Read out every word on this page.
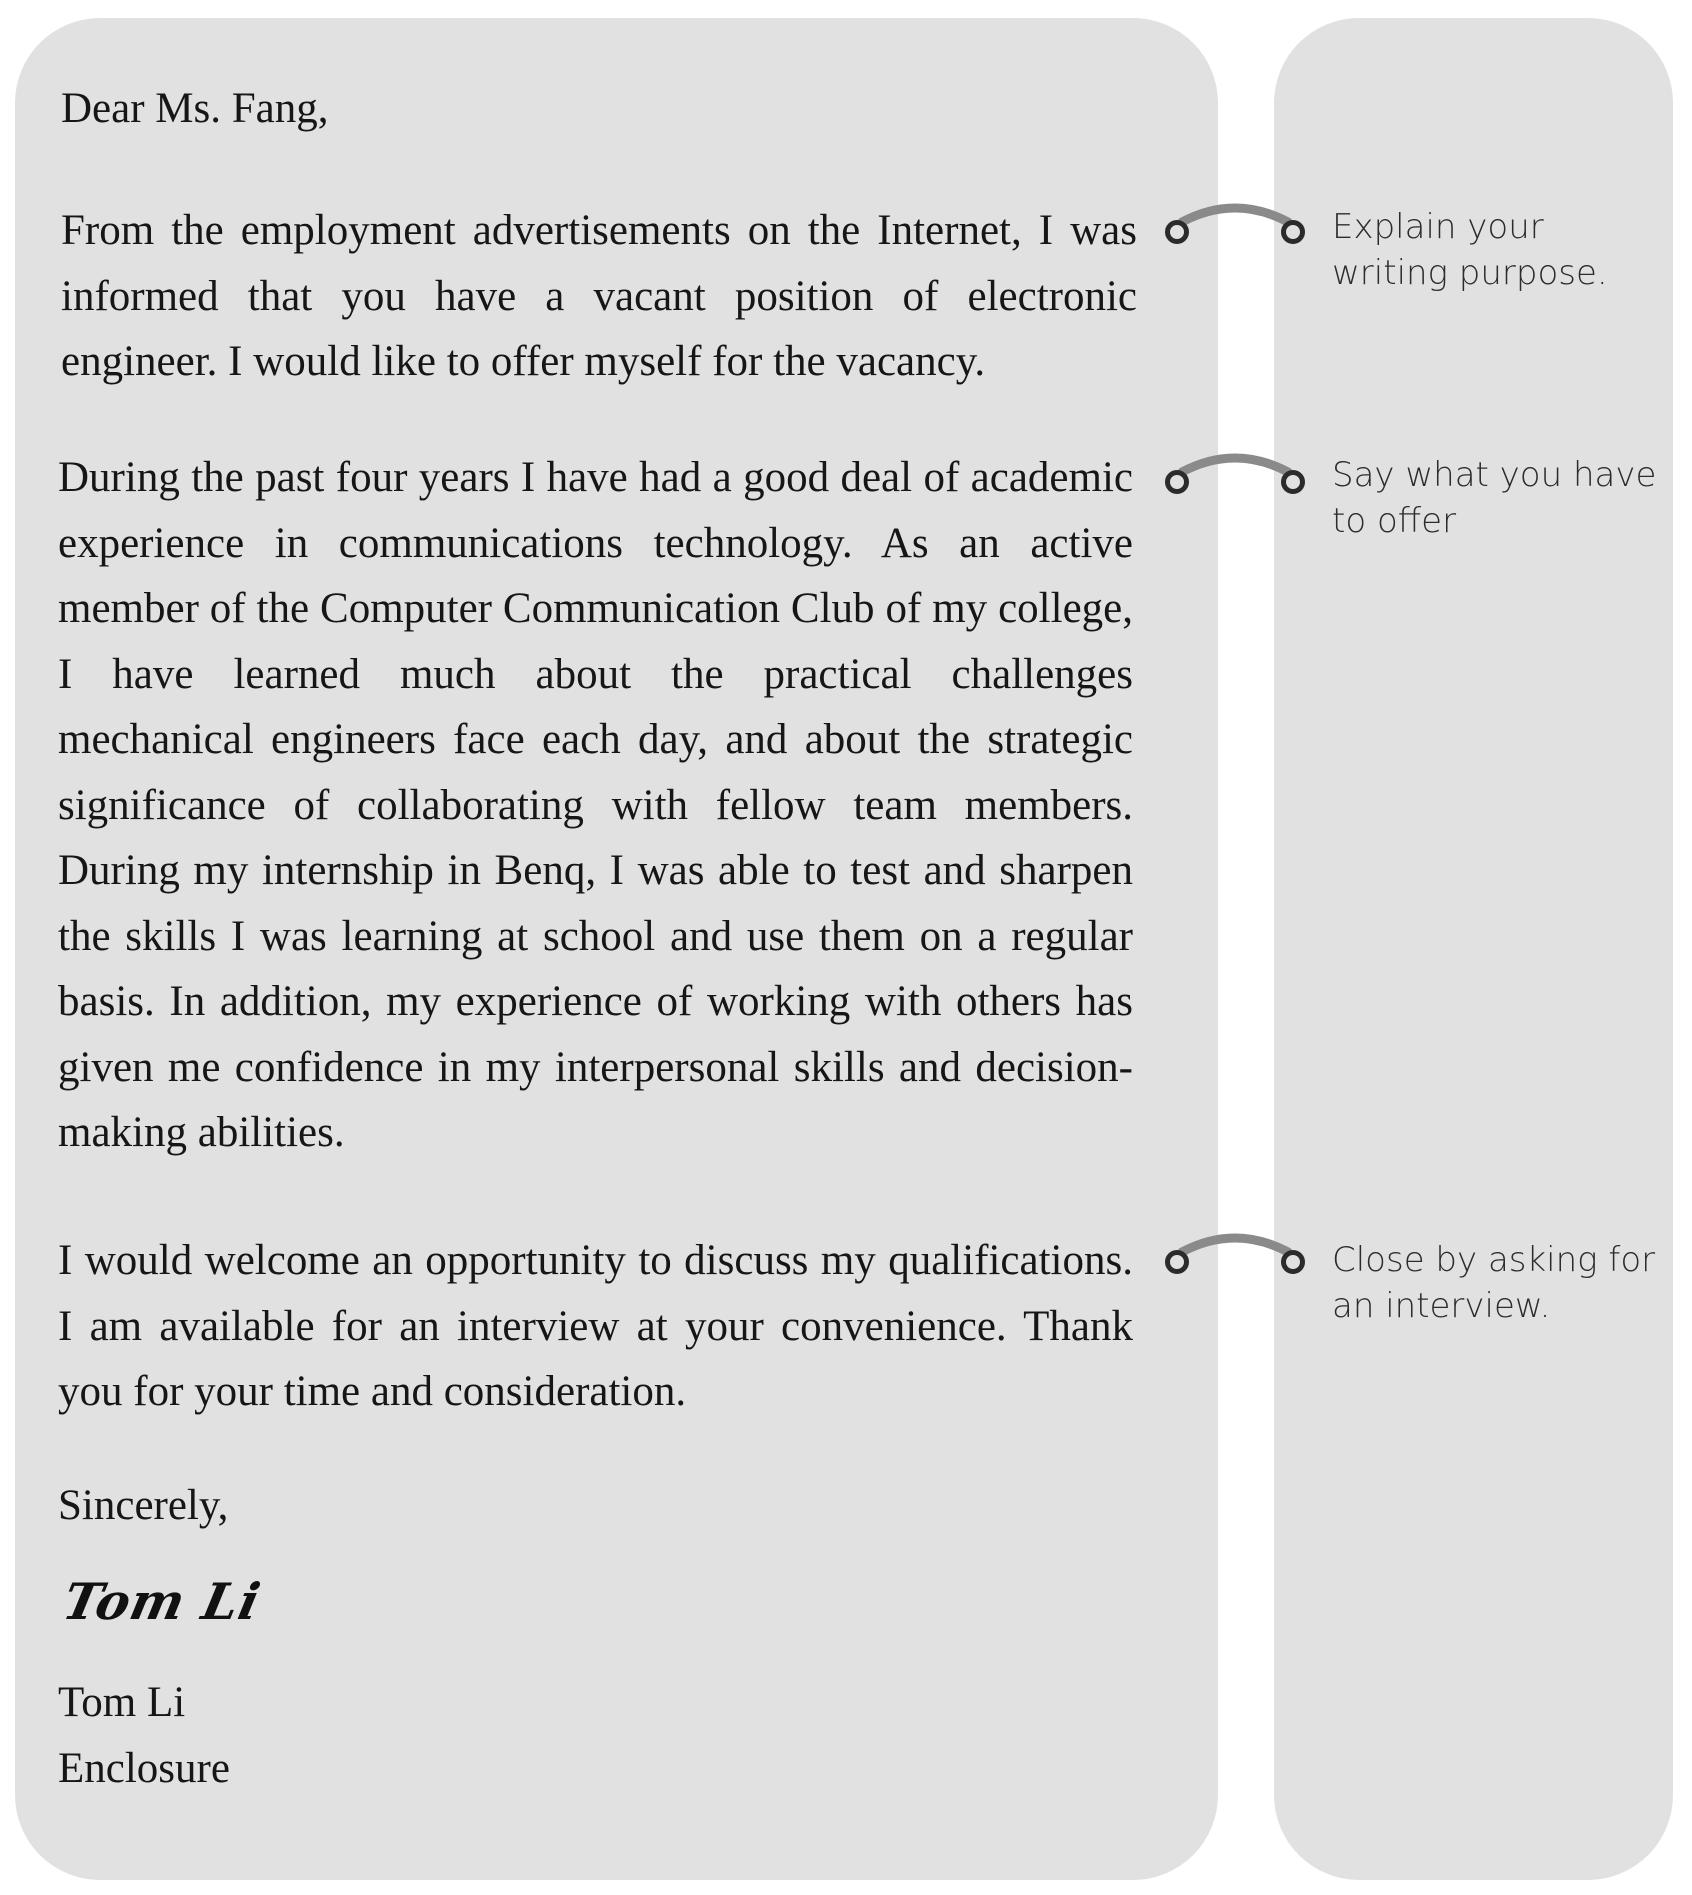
Dear Ms. Fang,

From the employment advertisements on the Internet, I was informed that you have a vacant position of electronic engineer. I would like to offer myself for the vacancy.

During the past four years I have had a good deal of academic experience in communications technology. As an active member of the Computer Communication Club of my college, I have learned much about the practical challenges mechanical engineers face each day, and about the strategic significance of collaborating with fellow team members. During my internship in Benq, I was able to test and sharpen the skills I was learning at school and use them on a regular basis. In addition, my experience of working with others has given me confidence in my interpersonal skills and decision-making abilities.

I would welcome an opportunity to discuss my qualifications. I am available for an interview at your convenience. Thank you for your time and consideration.

Sincerely,

Tom Li

Tom Li

Enclosure

Explain your writing purpose.

Say what you have to offer

Close by asking for an interview.
